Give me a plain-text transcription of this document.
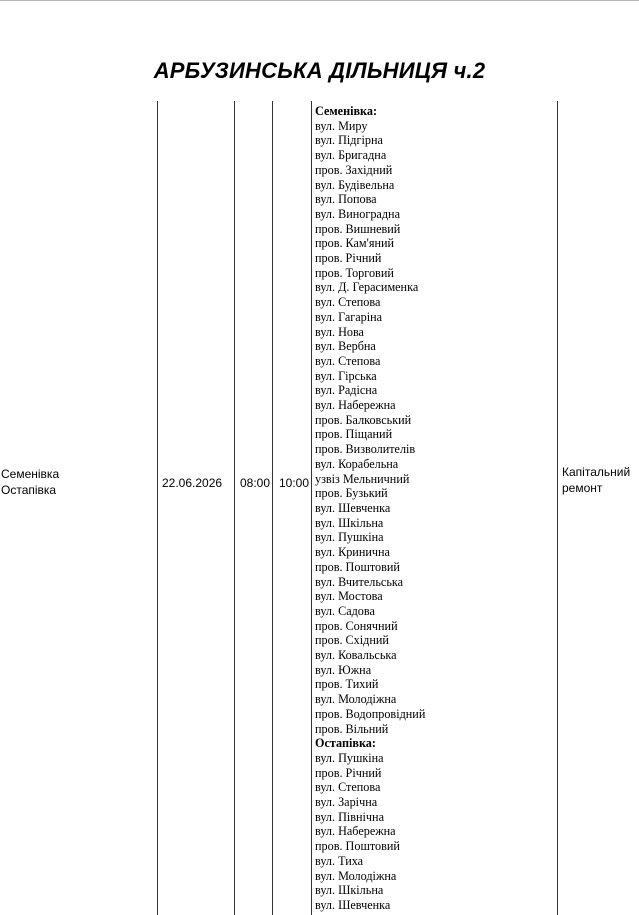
АРБУЗИНСЬКА ДІЛЬНИЦЯ ч.2
Семенівка
Остапівка	22.06.2026 08:00 10:00
Капітальний
ремонт
Семенівка:
вул. Миру
вул. Підгірна
вул. Бригадна
пров. Західний
вул. Будівельна
вул. Попова
вул. Виноградна
пров. Вишневий
пров. Кам'яний
пров. Річний
пров. Торговий
вул. Д. Герасименка
вул. Степова
вул. Гагаріна
вул. Нова
вул. Вербна
вул. Степова
вул. Гірська
вул. Радісна
вул. Набережна
пров. Балковський
пров. Піщаний
пров. Визволителів
вул. Корабельна
узвіз Мельничний
пров. Бузький
вул. Шевченка
вул. Шкільна
вул. Пушкіна
вул. Кринична
пров. Поштовий
вул. Вчительська
вул. Мостова
вул. Садова
пров. Сонячний
пров. Східний
вул. Ковальська
вул. Южна
пров. Тихий
вул. Молодіжна
пров. Водопровідний
пров. Вільний
Остапівка:
вул. Пушкіна
пров. Річний
вул. Степова
вул. Зарічна
вул. Північна
вул. Набережна
пров. Поштовий
вул. Тиха
вул. Молодіжна
вул. Шкільна
вул. Шевченка
